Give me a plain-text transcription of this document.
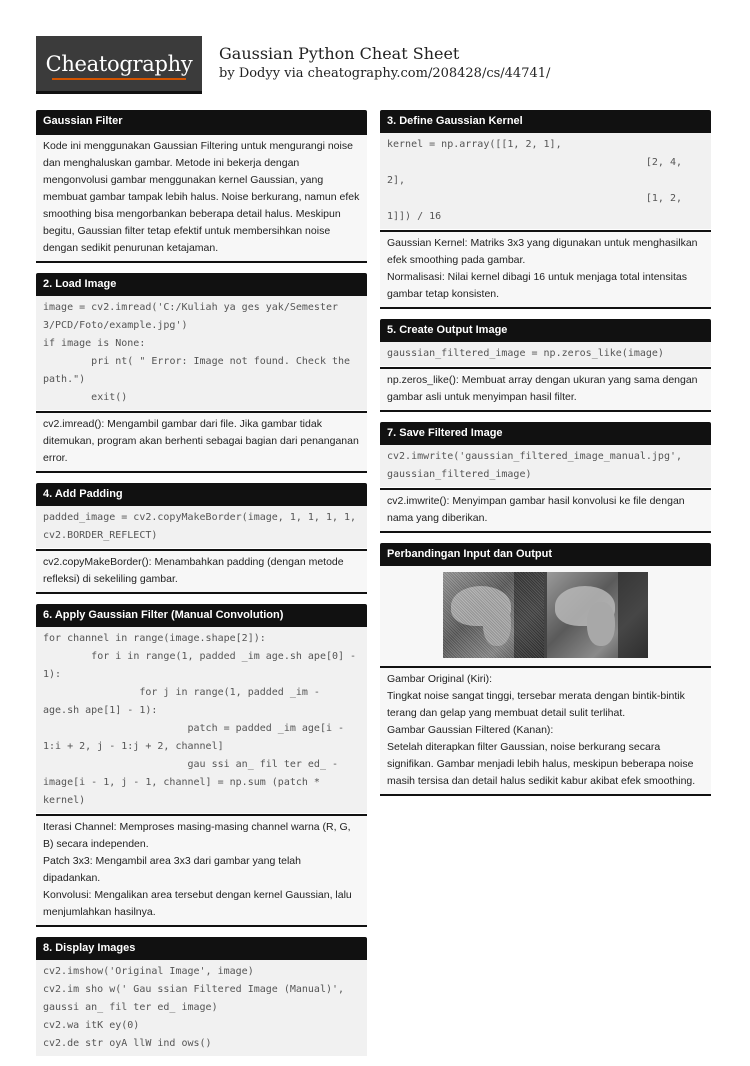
Cheatography Gaussian Python Cheat Sheet
by Dodyy via cheatography.com/208428/cs/44741/
Gaussian Filter

Kode ini menggunakan Gaussian Filtering untuk mengurangi noise dan menghaluskan gambar. Metode ini bekerja dengan mengonvolusi gambar menggunakan kernel Gaussian, yang membuat gambar tampak lebih halus. Noise berkurang, namun efek smoothing bisa mengorbankan beberapa detail halus. Meskipun begitu, Gaussian filter tetap efektif untuk membersihkan noise dengan sedikit penurunan ketajaman.

2. Load Image
image = cv2.imread('C:/Kuliah ya ges yak/Semester 3/PCD/Foto/example.jpg')
if image is None:
pri nt( " Error: Image not found. Check the path.")
exit()

cv2.imread(): Mengambil gambar dari file. Jika gambar tidak ditemukan, program akan berhenti sebagai bagian dari penanganan error.

4. Add Padding
padded_image = cv2.copyMakeBorder(image, 1, 1, 1, 1, cv2.BORDER_REFLECT)

cv2.copyMakeBorder(): Menambahkan padding (dengan metode refleksi) di sekeliling gambar.

6. Apply Gaussian Filter (Manual Convolution)
for channel in range(image.shape[2]):
for i in range(1, padded _im age.sh ape[0] - 1):
for j in range(1, padded _im - age.sh ape[1] - 1):
patch = padded _im age[i - 1:i + 2, j - 1:j + 2, channel]
gau ssi an_ fil ter ed_ - image[i - 1, j - 1, channel] = np.sum (patch * kernel)

Iterasi Channel: Memproses masing-masing channel warna (R, G, B) secara independen.

Patch 3x3: Mengambil area 3x3 dari gambar yang telah dipadankan.

Konvolusi: Mengalikan area tersebut dengan kernel Gaussian, lalu menjumlahkan hasilnya.

8. Display Images
cv2.imshow('Original Image', image)
cv2.im sho w(' Gau ssian Filtered Image (Manual)', gaussi an_ fil ter ed_ image)
cv2.wa itK ey(0)
cv2.de str oyA llW ind ows()
3. Define Gaussian Kernel
kernel = np.array([[1, 2, 1],
[2, 4, 2],
[1, 2, 1]]) / 16

Gaussian Kernel: Matriks 3x3 yang digunakan untuk menghasilkan efek smoothing pada gambar.

Normalisasi: Nilai kernel dibagi 16 untuk menjaga total intensitas gambar tetap konsisten.

5. Create Output Image
gaussian_filtered_image = np.zeros_like(image)

np.zeros_like(): Membuat array dengan ukuran yang sama dengan gambar asli untuk menyimpan hasil filter.

7. Save Filtered Image
cv2.imwrite('gaussian_filtered_image_manual.jpg', gaussian_filtered_image)

cv2.imwrite(): Menyimpan gambar hasil konvolusi ke file dengan nama yang diberikan.

Perbandingan Input dan Output

Gambar Original (Kiri):

Tingkat noise sangat tinggi, tersebar merata dengan bintik-bintik terang dan gelap yang membuat detail sulit terlihat.

Gambar Gaussian Filtered (Kanan):

Setelah diterapkan filter Gaussian, noise berkurang secara signifikan. Gambar menjadi lebih halus, meskipun beberapa noise masih tersisa dan detail halus sedikit kabur akibat efek smoothing.
